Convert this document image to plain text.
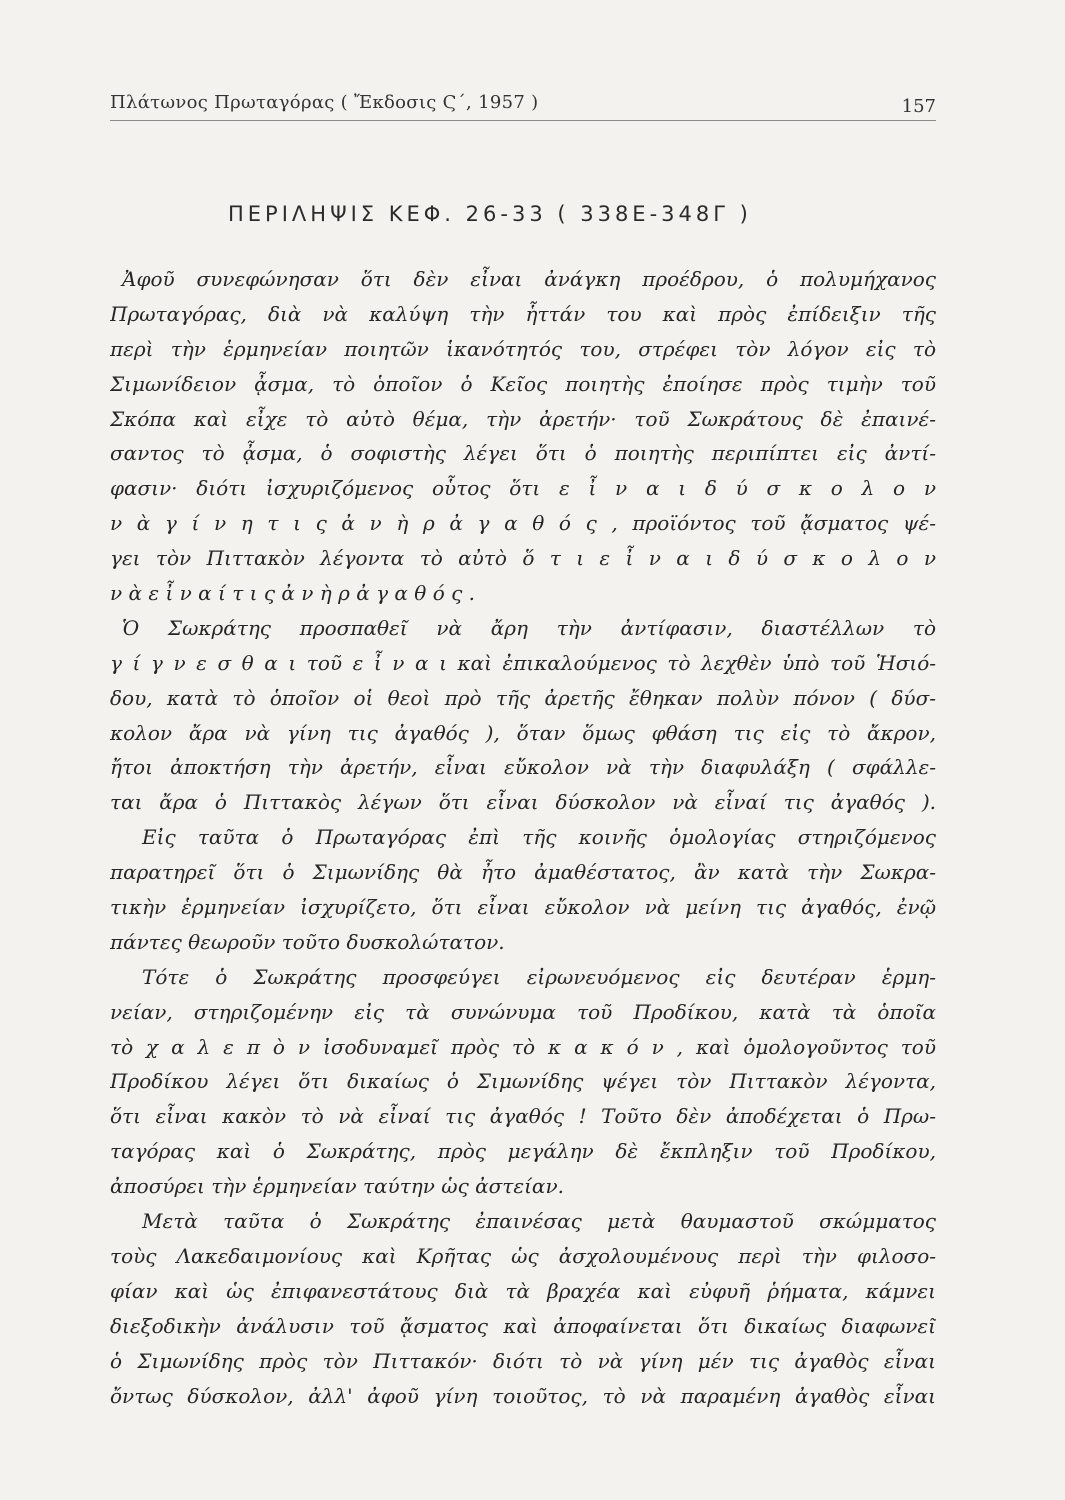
Πλάτωνος Πρωταγόρας ( Ἔκδοσις Ϛ΄, 1957 )	157
ΠΕΡΙΛΗΨΙΣ ΚΕΦ. 26-33 ( 338Ε-348Γ )
Ἀφοῦ συνεφώνησαν ὅτι δὲν εἶναι ἀνάγκη προέδρου, ὁ πολυμήχανος
Πρωταγόρας, διὰ νὰ καλύψη τὴν ἧττάν του καὶ πρὸς ἐπίδειξιν τῆς
περὶ τὴν ἑρμηνείαν ποιητῶν ἱκανότητός του, στρέφει τὸν λόγον εἰς τὸ
Σιμωνίδειον ᾆσμα, τὸ ὁποῖον ὁ Κεῖος ποιητὴς ἐποίησε πρὸς τιμὴν τοῦ
Σκόπα καὶ εἶχε τὸ αὐτὸ θέμα, τὴν ἀρετήν· τοῦ Σωκράτους δὲ ἐπαινέ-
σαντος τὸ ᾆσμα, ὁ σοφιστὴς λέγει ὅτι ὁ ποιητὴς περιπίπτει εἰς ἀντί-
φασιν· διότι ἰσχυριζόμενος οὗτος ὅτι ε ἶ ν α ι δ ύ σ κ ο λ ο ν
ν ὰ γ ί ν η τ ι ς ἀ ν ὴ ρ ἀ γ α θ ό ς , προϊόντος τοῦ ᾄσματος ψέ-
γει τὸν Πιττακὸν λέγοντα τὸ αὐτὸ ὅ τ ι ε ἶ ν α ι δ ύ σ κ ο λ ο ν
ν ὰ ε ἶ ν α ί τ ι ς ἀ ν ὴ ρ ἀ γ α θ ό ς .
Ὁ Σωκράτης προσπαθεῖ νὰ ἄρη τὴν ἀντίφασιν, διαστέλλων τὸ
γ ί γ ν ε σ θ α ι τοῦ ε ἶ ν α ι καὶ ἐπικαλούμενος τὸ λεχθὲν ὑπὸ τοῦ Ἡσιό-
δου, κατὰ τὸ ὁποῖον οἱ θεοὶ πρὸ τῆς ἀρετῆς ἔθηκαν πολὺν πόνον ( δύσ-
κολον ἄρα νὰ γίνη τις ἀγαθός ), ὅταν ὅμως φθάση τις εἰς τὸ ἄκρον,
ἤτοι ἀποκτήση τὴν ἀρετήν, εἶναι εὔκολον νὰ τὴν διαφυλάξη ( σφάλλε-
ται ἄρα ὁ Πιττακὸς λέγων ὅτι εἶναι δύσκολον νὰ εἶναί τις ἀγαθός ).
Εἰς ταῦτα ὁ Πρωταγόρας ἐπὶ τῆς κοινῆς ὁμολογίας στηριζόμενος
παρατηρεῖ ὅτι ὁ Σιμωνίδης θὰ ἦτο ἀμαθέστατος, ἂν κατὰ τὴν Σωκρα-
τικὴν ἑρμηνείαν ἰσχυρίζετο, ὅτι εἶναι εὔκολον νὰ μείνη τις ἀγαθός, ἐνῷ
πάντες θεωροῦν τοῦτο δυσκολώτατον.
Τότε ὁ Σωκράτης προσφεύγει εἰρωνευόμενος εἰς δευτέραν ἑρμη-
νείαν, στηριζομένην εἰς τὰ συνώνυμα τοῦ Προδίκου, κατὰ τὰ ὁποῖα
τὸ χ α λ ε π ὸ ν ἰσοδυναμεῖ πρὸς τὸ κ α κ ό ν , καὶ ὁμολογοῦντος τοῦ
Προδίκου λέγει ὅτι δικαίως ὁ Σιμωνίδης ψέγει τὸν Πιττακὸν λέγοντα,
ὅτι εἶναι κακὸν τὸ νὰ εἶναί τις ἀγαθός ! Τοῦτο δὲν ἀποδέχεται ὁ Πρω-
ταγόρας καὶ ὁ Σωκράτης, πρὸς μεγάλην δὲ ἔκπληξιν τοῦ Προδίκου,
ἀποσύρει τὴν ἑρμηνείαν ταύτην ὡς ἀστείαν.
Μετὰ ταῦτα ὁ Σωκράτης ἐπαινέσας μετὰ θαυμαστοῦ σκώμματος
τοὺς Λακεδαιμονίους καὶ Κρῆτας ὡς ἀσχολουμένους περὶ τὴν φιλοσο-
φίαν καὶ ὡς ἐπιφανεστάτους διὰ τὰ βραχέα καὶ εὐφυῆ ῥήματα, κάμνει
διεξοδικὴν ἀνάλυσιν τοῦ ᾄσματος καὶ ἀποφαίνεται ὅτι δικαίως διαφωνεῖ
ὁ Σιμωνίδης πρὸς τὸν Πιττακόν· διότι τὸ νὰ γίνη μέν τις ἀγαθὸς εἶναι
ὄντως δύσκολον, ἀλλ' ἀφοῦ γίνη τοιοῦτος, τὸ νὰ παραμένη ἀγαθὸς εἶναι
